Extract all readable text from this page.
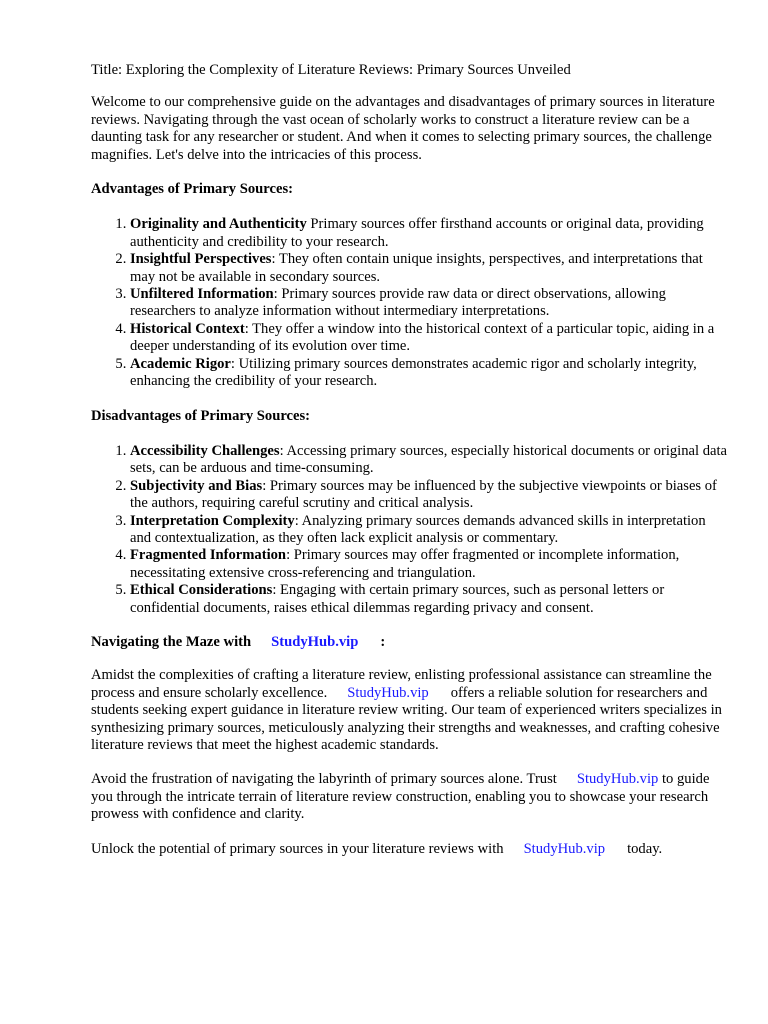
Title: Exploring the Complexity of Literature Reviews: Primary Sources Unveiled

Welcome to our comprehensive guide on the advantages and disadvantages of primary sources in literature reviews. Navigating through the vast ocean of scholarly works to construct a literature review can be a daunting task for any researcher or student. And when it comes to selecting primary sources, the challenge magnifies. Let's delve into the intricacies of this process.

Advantages of Primary Sources:
1. Originality and Authenticity Primary sources offer firsthand accounts or original data, providing authenticity and credibility to your research.
2. Insightful Perspectives: They often contain unique insights, perspectives, and interpretations that may not be available in secondary sources.
3. Unfiltered Information: Primary sources provide raw data or direct observations, allowing researchers to analyze information without intermediary interpretations.
4. Historical Context: They offer a window into the historical context of a particular topic, aiding in a deeper understanding of its evolution over time.
5. Academic Rigor: Utilizing primary sources demonstrates academic rigor and scholarly integrity, enhancing the credibility of your research.
Disadvantages of Primary Sources:
1. Accessibility Challenges: Accessing primary sources, especially historical documents or original data sets, can be arduous and time-consuming.
2. Subjectivity and Bias: Primary sources may be influenced by the subjective viewpoints or biases of the authors, requiring careful scrutiny and critical analysis.
3. Interpretation Complexity: Analyzing primary sources demands advanced skills in interpretation and contextualization, as they often lack explicit analysis or commentary.
4. Fragmented Information: Primary sources may offer fragmented or incomplete information, necessitating extensive cross-referencing and triangulation.
5. Ethical Considerations: Engaging with certain primary sources, such as personal letters or confidential documents, raises ethical dilemmas regarding privacy and consent.
Navigating the Maze with StudyHub.vip :

Amidst the complexities of crafting a literature review, enlisting professional assistance can streamline the process and ensure scholarly excellence. StudyHub.vip offers a reliable solution for researchers and students seeking expert guidance in literature review writing. Our team of experienced writers specializes in synthesizing primary sources, meticulously analyzing their strengths and weaknesses, and crafting cohesive literature reviews that meet the highest academic standards.

Avoid the frustration of navigating the labyrinth of primary sources alone. Trust StudyHub.vip to guide you through the intricate terrain of literature review construction, enabling you to showcase your research prowess with confidence and clarity.

Unlock the potential of primary sources in your literature reviews with StudyHub.vip today.
